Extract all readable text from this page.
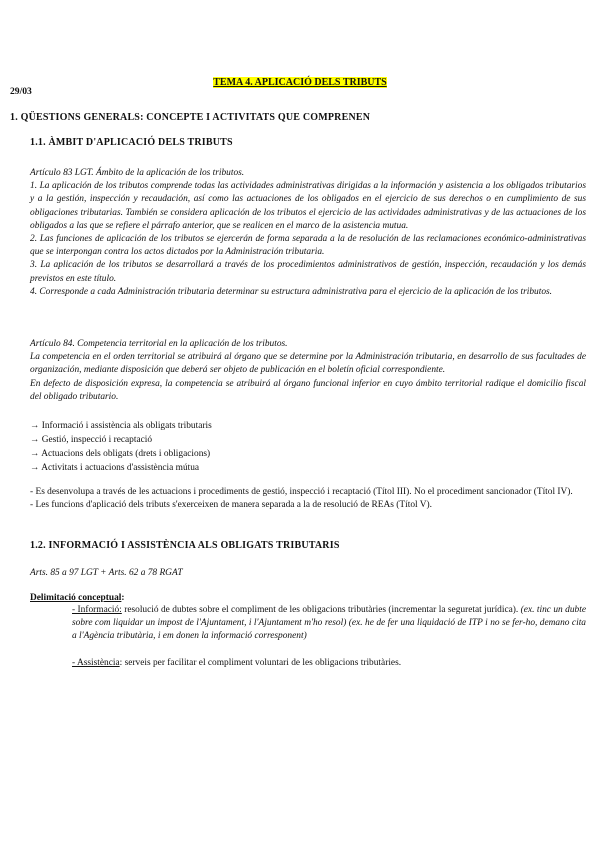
TEMA 4. APLICACIÓ DELS TRIBUTS
29/03
1. QÜESTIONS GENERALS: CONCEPTE I ACTIVITATS QUE COMPRENEN
1.1. ÀMBIT D'APLICACIÓ DELS TRIBUTS
Artículo 83 LGT. Ámbito de la aplicación de los tributos.
1. La aplicación de los tributos comprende todas las actividades administrativas dirigidas a la información y asistencia a los obligados tributarios y a la gestión, inspección y recaudación, así como las actuaciones de los obligados en el ejercicio de sus derechos o en cumplimiento de sus obligaciones tributarias. También se considera aplicación de los tributos el ejercicio de las actividades administrativas y de las actuaciones de los obligados a las que se refiere el párrafo anterior, que se realicen en el marco de la asistencia mutua.
2. Las funciones de aplicación de los tributos se ejercerán de forma separada a la de resolución de las reclamaciones económico-administrativas que se interpongan contra los actos dictados por la Administración tributaria.
3. La aplicación de los tributos se desarrollará a través de los procedimientos administrativos de gestión, inspección, recaudación y los demás previstos en este título.
4. Corresponde a cada Administración tributaria determinar su estructura administrativa para el ejercicio de la aplicación de los tributos.
Artículo 84. Competencia territorial en la aplicación de los tributos.
La competencia en el orden territorial se atribuirá al órgano que se determine por la Administración tributaria, en desarrollo de sus facultades de organización, mediante disposición que deberá ser objeto de publicación en el boletín oficial correspondiente.
En defecto de disposición expresa, la competencia se atribuirá al órgano funcional inferior en cuyo ámbito territorial radique el domicilio fiscal del obligado tributario.
→ Informació i assistència als obligats tributaris
→ Gestió, inspecció i recaptació
→ Actuacions dels obligats (drets i obligacions)
→ Activitats i actuacions d'assistència mútua
- Es desenvolupa a través de les actuacions i procediments de gestió, inspecció i recaptació (Títol III). No el procediment sancionador (Títol IV).
- Les funcions d'aplicació dels tributs s'exerceixen de manera separada a la de resolució de REAs (Títol V).
1.2. INFORMACIÓ I ASSISTÈNCIA ALS OBLIGATS TRIBUTARIS
Arts. 85 a 97 LGT + Arts. 62 a 78 RGAT
Delimitació conceptual :
- Informació: resolució de dubtes sobre el compliment de les obligacions tributàries (incrementar la seguretat jurídica). (ex. tinc un dubte sobre com liquidar un impost de l'Ajuntament, i l'Ajuntament m'ho resol) (ex. he de fer una liquidació de ITP i no se fer-ho, demano cita a l'Agència tributària, i em donen la informació corresponent)
- Assistència: serveis per facilitar el compliment voluntari de les obligacions tributàries.
